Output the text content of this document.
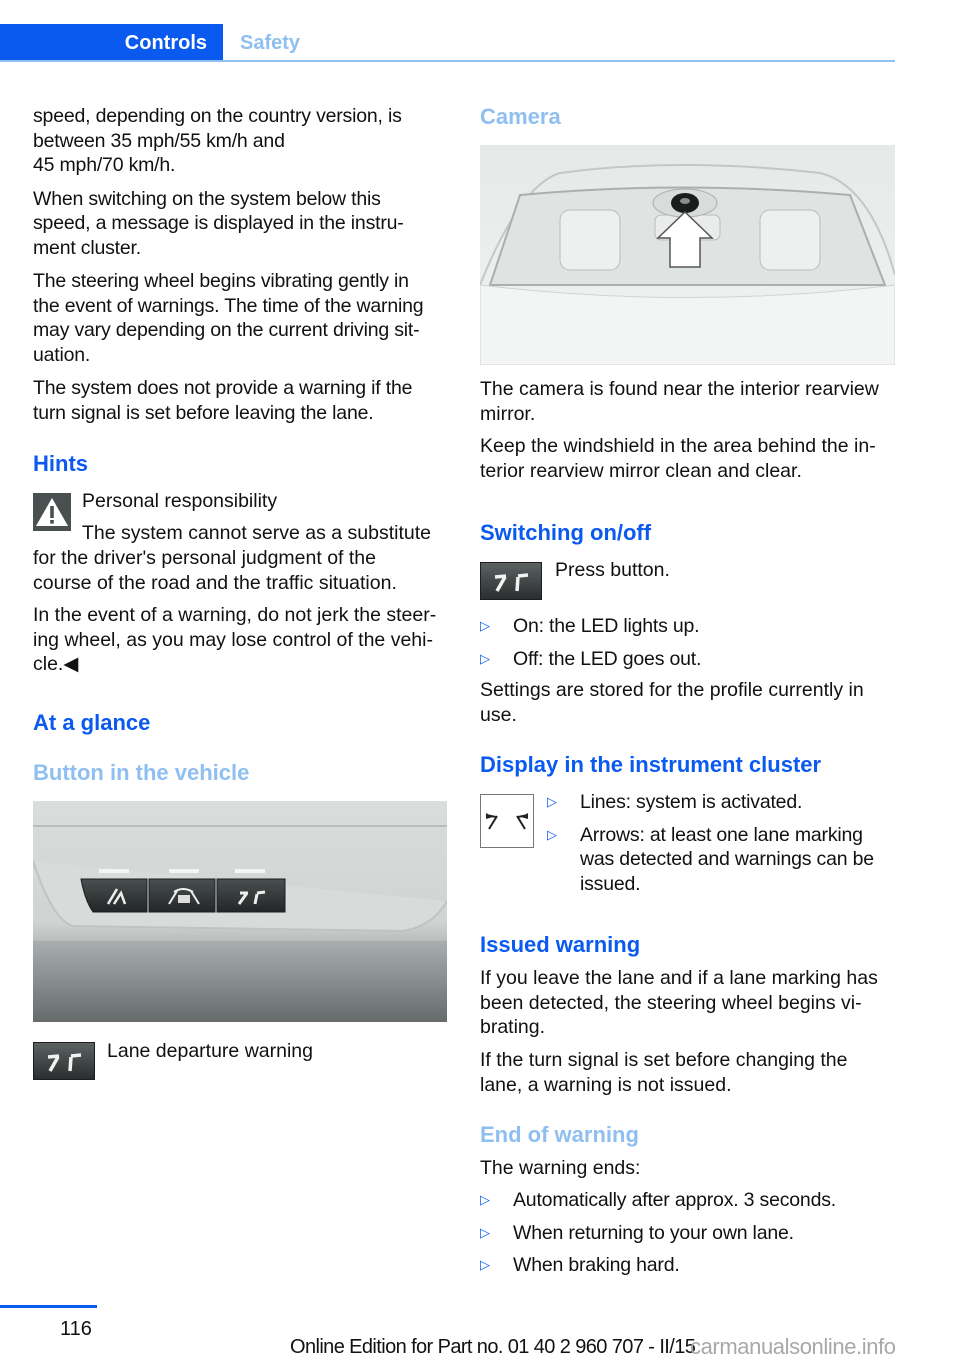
Controls	Safety

speed, depending on the country version, is
between 35 mph/55 km/h and
45 mph/70 km/h.

When switching on the system below this
speed, a message is displayed in the instru-
ment cluster.

The steering wheel begins vibrating gently in
the event of warnings. The time of the warning
may vary depending on the current driving sit-
uation.

The system does not provide a warning if the
turn signal is set before leaving the lane.

Hints
Personal responsibility
The system cannot serve as a substitute
for the driver's personal judgment of the
course of the road and the traffic situation.
In the event of a warning, do not jerk the steer-
ing wheel, as you may lose control of the vehi-
cle.◀
At a glance
Button in the vehicle
Lane departure warning
Camera
The camera is found near the interior rearview
mirror.
Keep the windshield in the area behind the in-
terior rearview mirror clean and clear.
Switching on/off
Press button.
▷ On: the LED lights up.
▷ Off: the LED goes out.
Settings are stored for the profile currently in
use.
Display in the instrument cluster
▷ Lines: system is activated.
▷ Arrows: at least one lane marking
was detected and warnings can be
issued.
Issued warning
If you leave the lane and if a lane marking has
been detected, the steering wheel begins vi-
brating.
If the turn signal is set before changing the
lane, a warning is not issued.
End of warning
The warning ends:
▷ Automatically after approx. 3 seconds.
▷ When returning to your own lane.
▷ When braking hard.
116
Online Edition for Part no. 01 40 2 960 707 - II/15
carmanualsonline.info
